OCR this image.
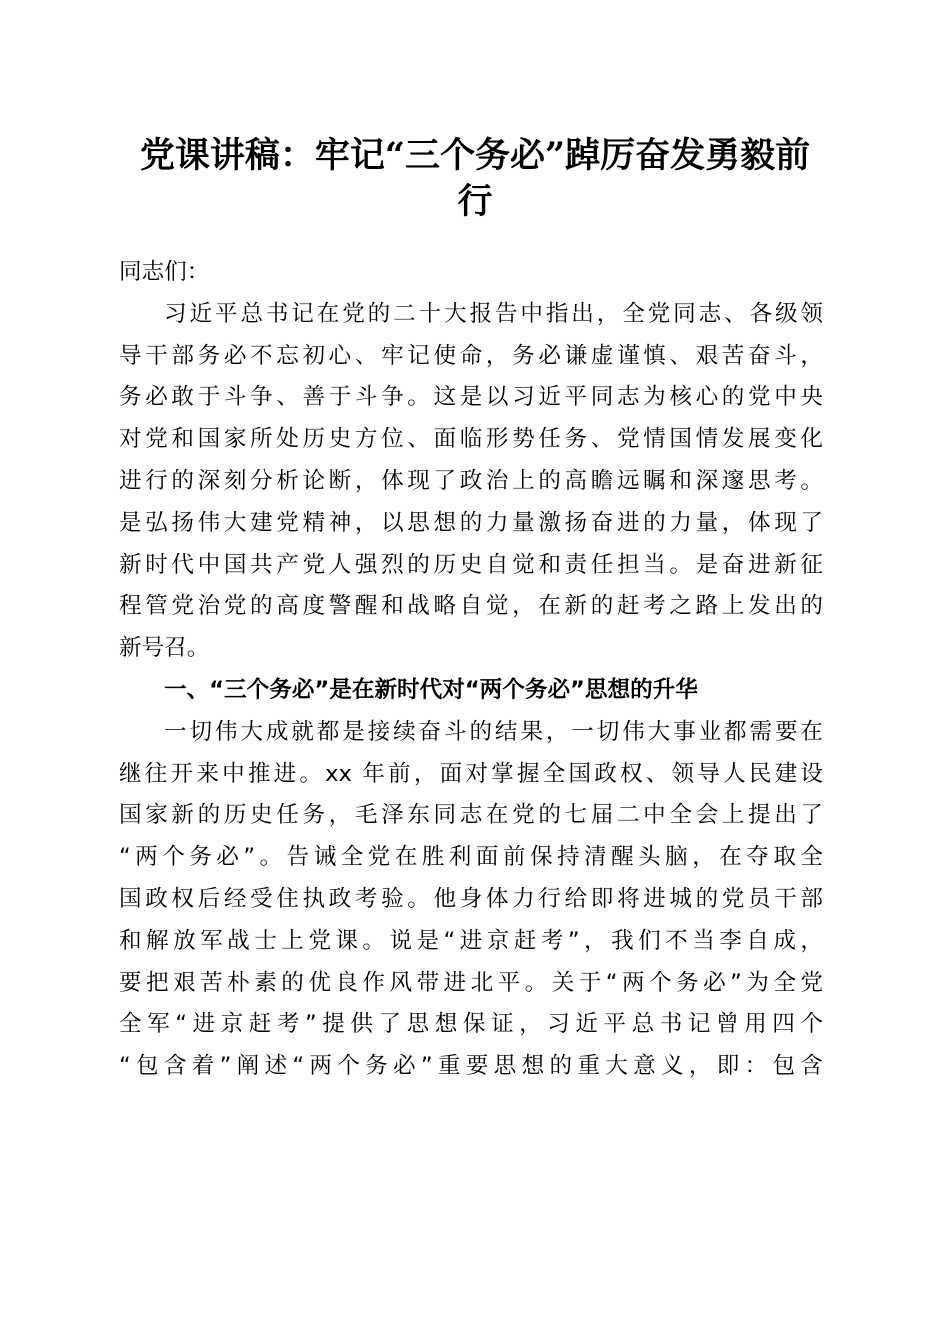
党课讲稿：牢记“三个务必”踔厉奋发勇毅前
行
同志们：
习近平总书记在党的二十大报告中指出，全党同志、各级领
导干部务必不忘初心、牢记使命，务必谦虚谨慎、艰苦奋斗，
务必敢于斗争、善于斗争。这是以习近平同志为核心的党中央
对党和国家所处历史方位、面临形势任务、党情国情发展变化
进行的深刻分析论断，体现了政治上的高瞻远瞩和深邃思考。
是弘扬伟大建党精神，以思想的力量激扬奋进的力量，体现了
新时代中国共产党人强烈的历史自觉和责任担当。是奋进新征
程管党治党的高度警醒和战略自觉，在新的赶考之路上发出的
新号召。
一、“三个务必”是在新时代对“两个务必”思想的升华
一切伟大成就都是接续奋斗的结果，一切伟大事业都需要在
继往开来中推进。xx 年前，面对掌握全国政权、领导人民建设
国家新的历史任务，毛泽东同志在党的七届二中全会上提出了
“两个务必”。告诫全党在胜利面前保持清醒头脑，在夺取全
国政权后经受住执政考验。他身体力行给即将进城的党员干部
和解放军战士上党课。说是“进京赶考”，我们不当李自成，
要把艰苦朴素的优良作风带进北平。关于“两个务必”为全党
全军“进京赶考”提供了思想保证，习近平总书记曾用四个
“包含着”阐述“两个务必”重要思想的重大意义，即：包含
